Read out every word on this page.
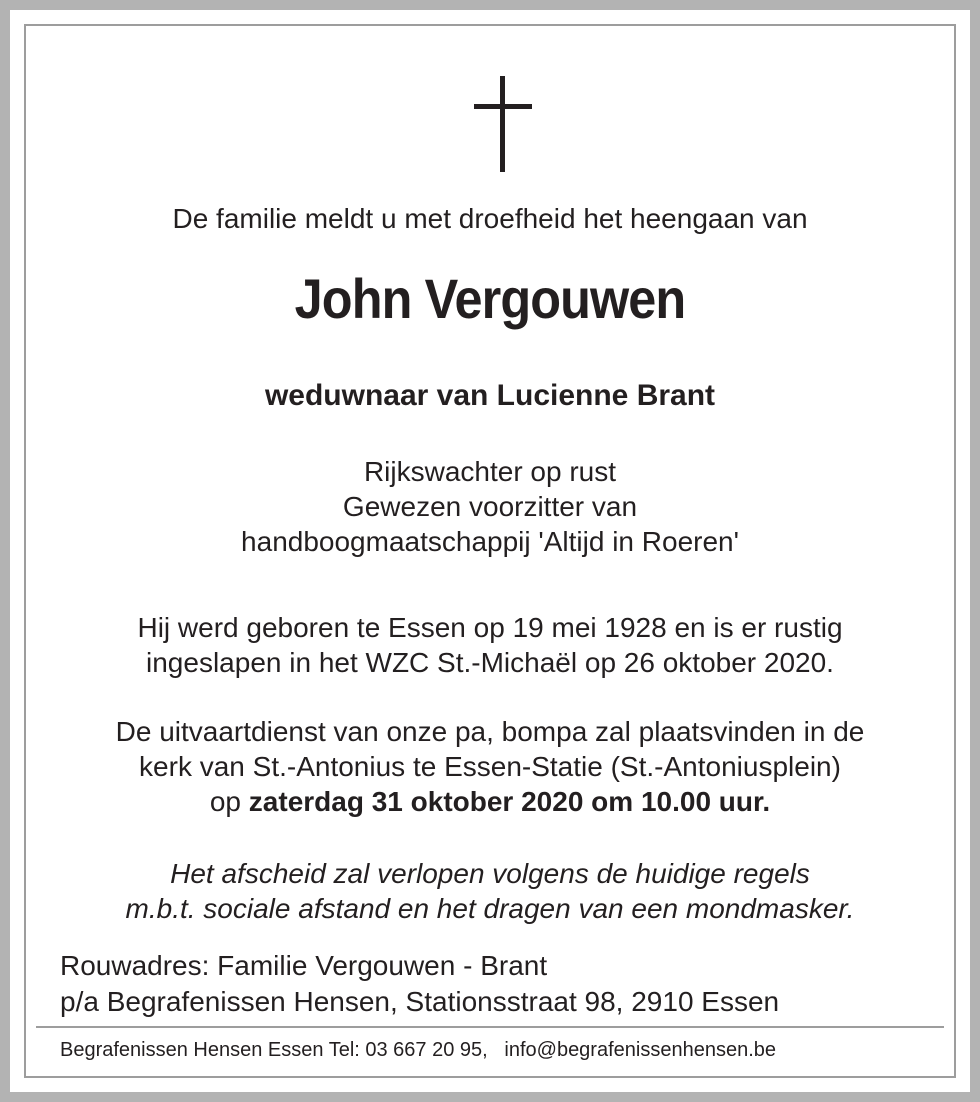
De familie meldt u met droefheid het heengaan van

John Vergouwen

weduwnaar van Lucienne Brant

Rijkswachter op rust
Gewezen voorzitter van
handboogmaatschappij 'Altijd in Roeren'
Hij werd geboren te Essen op 19 mei 1928 en is er rustig
ingeslapen in het WZC St.-Michaël op 26 oktober 2020.
De uitvaartdienst van onze pa, bompa zal plaatsvinden in de
kerk van St.-Antonius te Essen-Statie (St.-Antoniusplein)
op zaterdag 31 oktober 2020 om 10.00 uur.
Het afscheid zal verlopen volgens de huidige regels
m.b.t. sociale afstand en het dragen van een mondmasker.
Rouwadres: Familie Vergouwen - Brant
p/a Begrafenissen Hensen, Stationsstraat 98, 2910 Essen
Begrafenissen Hensen Essen Tel: 03 667 20 95, info@begrafenissenhensen.be
